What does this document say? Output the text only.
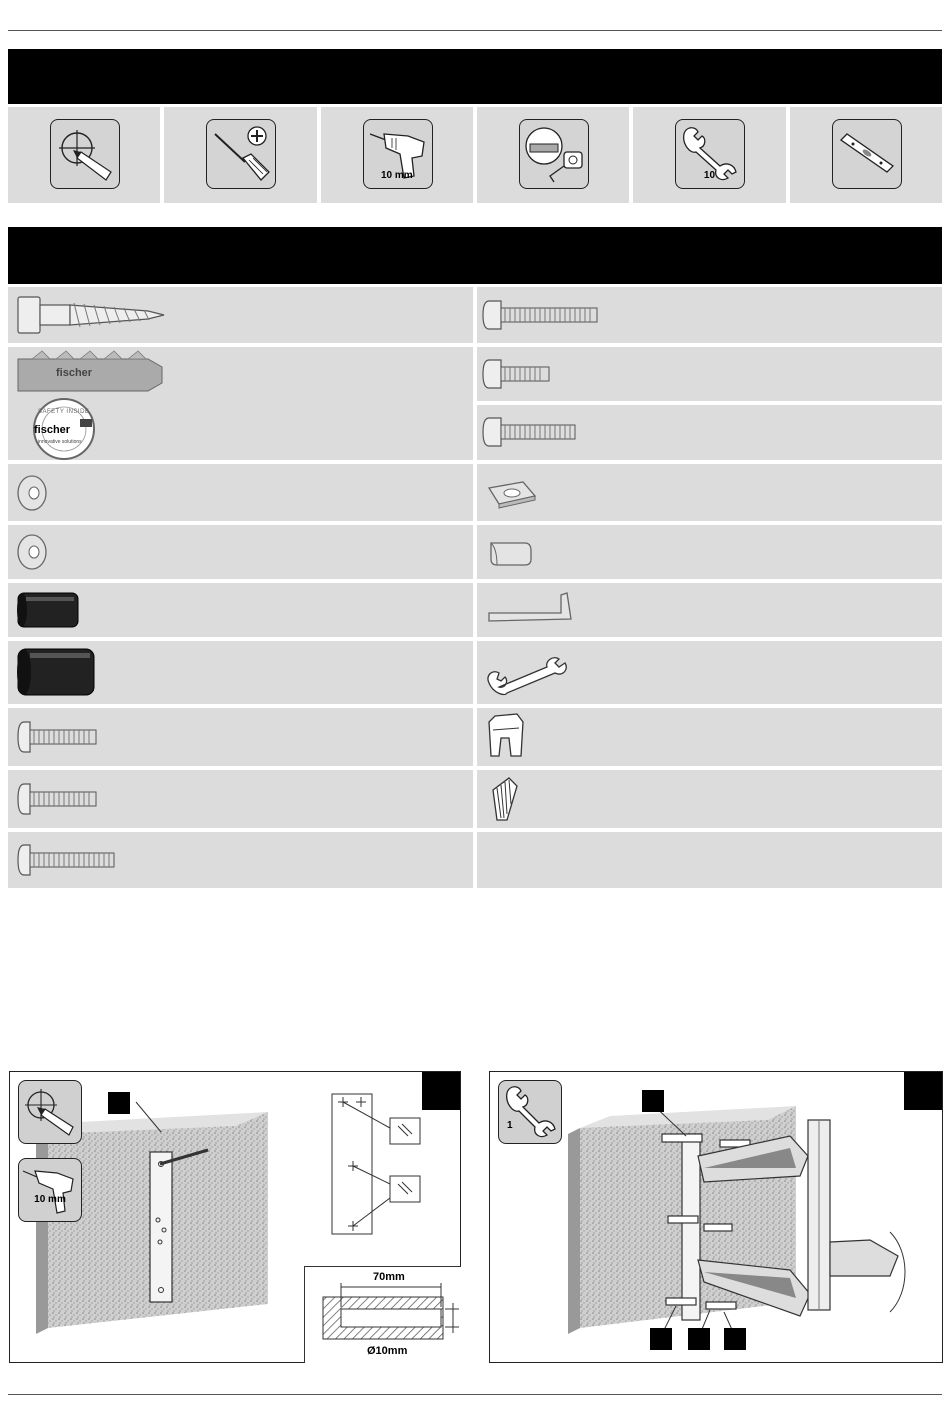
10 mm	10
fischer
fischer
SAFETY INSIDE
innovative solutions
10 mm
70mm
Ø10mm
1
